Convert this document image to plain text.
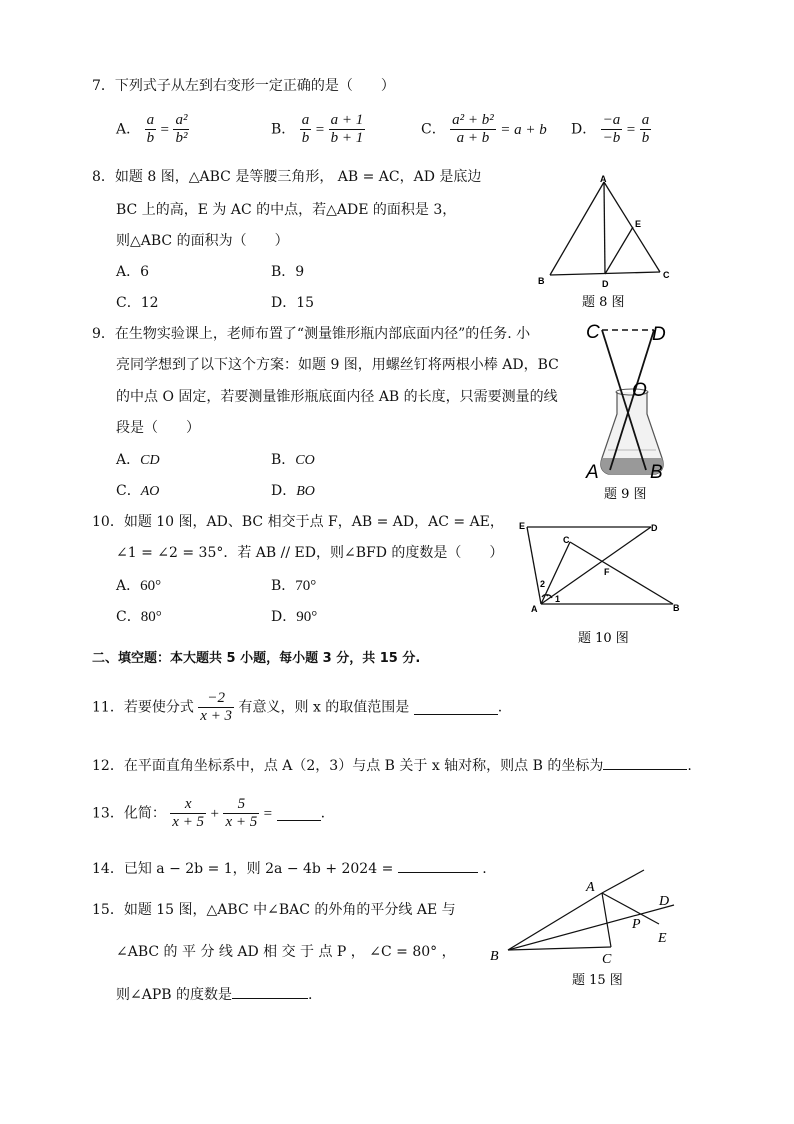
7．下列式子从左到右变形一定正确的是（　　）
A． $\frac{a}{b} = \frac{\text{a²}}{\text{b²}}$	B． $\frac{a}{b} = \frac{a + 1}{b + 1}$	C． $\frac{\text{a² + b²}}{a + b} = a + b$ D． $\frac{-a}{-b} = \frac{a}{b}$
8．如题 8 图，△ABC 是等腰三角形， AB = AC，AD 是底边
BC 上的高，E 为 AC 的中点，若△ADE 的面积是 3，
则△ABC 的面积为（　　）
A．6	B．9
C．12	D．15
A
E
B
C
D
题 8 图
9．在生物实验课上，老师布置了“测量锥形瓶内部底面内径”的任务. 小
亮同学想到了以下这个方案：如题 9 图，用螺丝钉将两根小棒 AD，BC
的中点 O 固定，若要测量锥形瓶底面内径 AB 的长度，只需要测量的线
段是（　　）
A．CD	B．CO
C．AO	D．BO
C	D
O
A	B
题 9 图
10．如题 10 图，AD、BC 相交于点 F，AB = AD，AC = AE，
∠1 = ∠2 = 35°．若 AB // ED，则∠BFD 的度数是（　　）
A．60°	B．70°
C．80°	D．90°
E	D
C
F
2
1
A	B
题 10 图
二、填空题：本大题共 5 小题，每小题 3 分，共 15 分.
11．若要使分式 $\frac{-2}{x + 3}$ 有意义，则 x 的取值范围是	.
12．在平面直角坐标系中，点 A（2，3）与点 B 关于 x 轴对称，则点 B 的坐标为	.
13．化简： $\frac{x}{x + 5} + \frac{5}{x + 5}$ =	.
14．已知 a − 2b = 1，则 2a − 4b + 2024 =	.
15．如题 15 图，△ABC 中∠BAC 的外角的平分线 AE 与
∠ABC 的 平 分 线 AD 相 交 于 点 P ， ∠C = 80° ，
则∠APB 的度数是	.
A
D
P
E
B	C
题 15 图
